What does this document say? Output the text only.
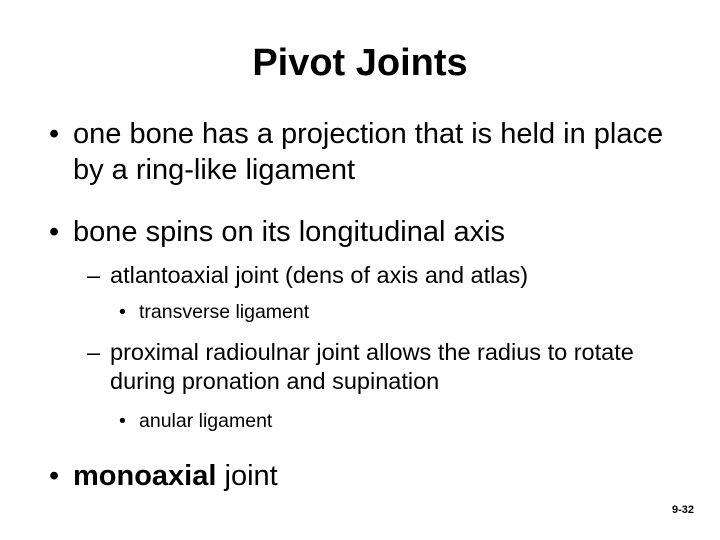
Pivot Joints
• one bone has a projection that is held in place by a ring-like ligament
• bone spins on its longitudinal axis
– atlantoaxial joint (dens of axis and atlas)
• transverse ligament
– proximal radioulnar joint allows the radius to rotate during pronation and supination
• anular ligament
• monoaxial joint
9-32
